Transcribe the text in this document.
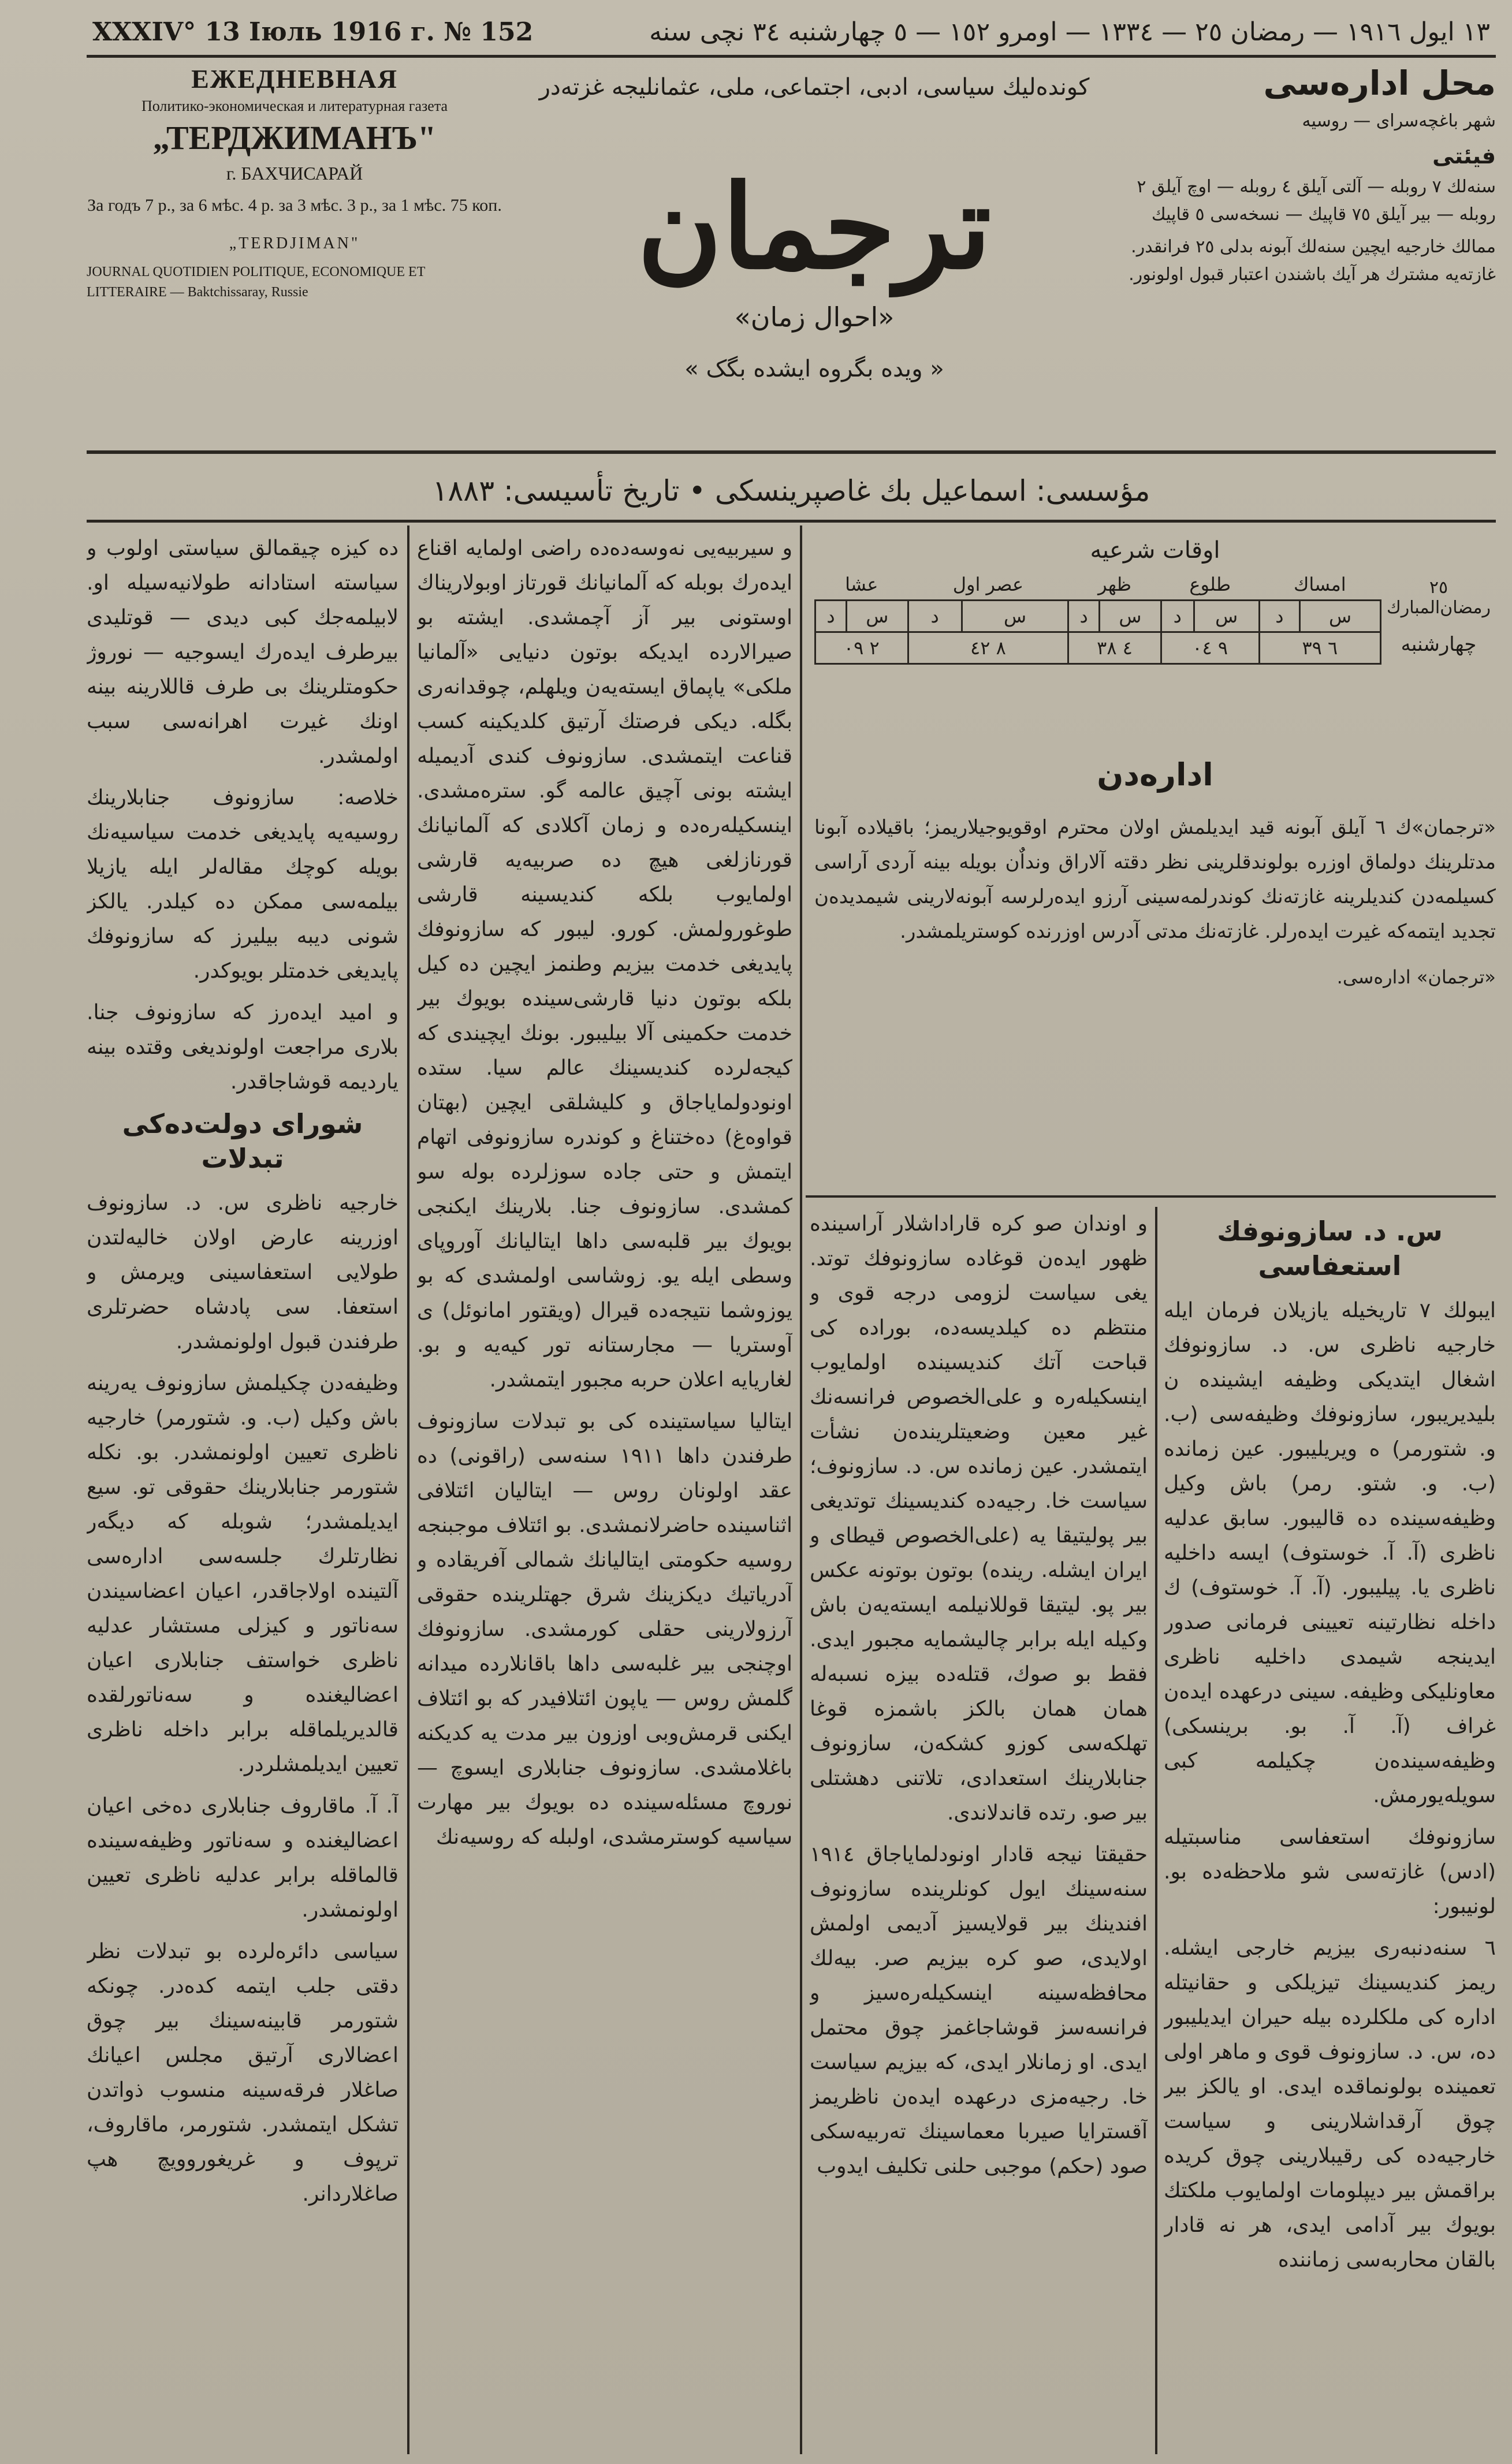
XXXIV° 13 Іюль 1916 г. № 152	١٣ ايول ١٩١٦ — رمضان ٢٥ — ١٣٣٤ — اومرو ١٥٢ — ٥ چهارشنبه ٣٤ نچی سنه
ЕЖЕДНЕВНАЯ
Политико-экономическая и литературная газета
„ТЕРДЖИМАНЪ"
г. БАХЧИСАРАЙ
За годъ 7 р., за 6 мѣс. 4 р. за 3 мѣс. 3 р., за 1 мѣс. 75 коп.
„TERDJIMAN"
JOURNAL QUOTIDIEN POLITIQUE, ECONOMIQUE ET LITTERAIRE — Baktchissaray, Russie
كونده‌لیك سیاسی، ادبی، اجتماعی، ملی، عثمانلیجه غزته‌در
ترجمان
«احوال زمان»
« ویده بگروه ایشده بگک »
محل اداره‌سی
شهر باغچه‌سرای — روسیه
فیئتی
سنه‌لك ٧ روبله — آلتی آیلق ٤ روبله — اوچ آیلق ٢ روبله — بیر آیلق ٧٥ قاپیك — نسخه‌سی ٥ قاپیك
ممالك خارجیه ایچین سنه‌لك آبونه بدلی ٢٥ فرانقدر. غازته‌یه مشترك هر آیك باشندن اعتبار قبول اولونور.
مؤسسی: اسماعیل بك غاصپرینسكی • تاریخ تأسیسی: ١٨٨٣
اوقات شرعیه
٢٥ رمضان‌المبارك
چهارشنبه	امساك		طلوع		ظهر		عصر اول		عشا	
	س	د	س	د	س	د	س	د	س	د
	٦ ٣٩		٩ ٠٤		٤ ٣٨		٨ ٤٢		٢ ٠٩	
اداره‌دن

«ترجمان»ك ٦ آیلق آبونه قید ایدیلمش اولان محترم اوقویوجیلاریمز؛ باقیلاده آبونا مدتلرینك دولماق اوزره بولوندقلرینی نظر دقته آلاراق ونداٌن بویله بینه آردی آراسی كسیلمه‌دن كندیلرینه غازته‌نك كوندرلمه‌سینی آرزو ایده‌رلرسه آبونه‌لارینی شیمدیده‌ن تجدید ایتمه‌كه غیرت ایده‌رلر. غازته‌نك مدتی آدرس اوزرنده كوستریلمشدر.

«ترجمان» اداره‌سی.

ده كیزه چیقمالق سیاستی اولوب و سیاسته استادانه طولانیه‌سیله او. لابیلمه‌جك كبی دیدی — قوتلیدی بیرطرف ایده‌رك ایسوجیه — نوروژ حكومتلرینك بی طرف قاللارینه بینه اونك غیرت اهرانه‌سی سبب اولمشدر.

خلاصه: سازونوف جنابلارینك روسیه‌یه پایدیغی خدمت سیاسیه‌نك بویله كوچك مقاله‌لر ایله یازیلا بیلمه‌سی ممكن ده كیلدر. یالكز شونی دیبه بیلیرز كه سازونوفك پایدیغی خدمتلر بویوكدر.

و امید ایده‌رز كه سازونوف جنا. بلاری مراجعت اولوندیغی وقتده بینه یاردیمه قوشاجاقدر.

شورای دولت‌ده‌كی تبدلات

خارجیه ناظری س. د. سازونوف اوزرینه عارض اولان خالیه‌لتدن طولایی استعفاسینی ویرمش و استعفا. سی پادشاه حضرتلری طرفندن قبول اولونمشدر.

وظیفه‌دن چكیلمش سازونوف یه‌رینه باش وكیل (ب. و. شتورمر) خارجیه ناظری تعیین اولونمشدر. بو. نكله شتورمر جنابلارینك حقوقی تو. سیع ایدیلمشدر؛ شوبله كه دیگه‌ر نظارتلرك جلسه‌سی اداره‌سی آلتینده اولاجاقدر، اعیان اعضاسیندن سه‌ناتور و كیزلی مستشار عدلیه ناظری خواستف جنابلاری اعیان اعضالیغنده و سه‌ناتورلقده قالدیریلماقله برابر داخله ناظری تعیین ایدیلمشلردر.

آ. آ. ماقاروف جنابلاری ده‌خی اعیان اعضالیغنده و سه‌ناتور وظیفه‌سینده قالماقله برابر عدلیه ناظری تعیین اولونمشدر.

سیاسی دائره‌لرده بو تبدلات نظر دقتی جلب ایتمه كده‌در. چونكه شتورمر قابینه‌سینك بیر چوق اعضالاری آرتیق مجلس اعیانك صاغلار فرقه‌سینه منسوب ذواتدن تشكل ایتمشدر. شتورمر، ماقاروف، ترپوف و غریغوروویچ هپ صاغلاردانر.

و سیربیه‌یی نه‌وسه‌ده‌ده راضی اولمایه اقناع ایده‌رك بوبله‌ كه آلمانیانك قورتاز اوبولاریناك اوستونی بیر آز آچمشدی. ایشته بو صیرالارده ایدیكه بوتون دنیایی «آلمانیا ملكی» یاپماق ایسته‌یه‌ن ویلهلم، چوقدانه‌ری بگله. دیكی فرصتك آرتیق كلدیكینه كسب قناعت ایتمشدی. سازونوف كندی آدیمیله ایشته بونی آچیق عالمه گو. ستره‌مشدی. اینسكیله‌ره‌ده و زمان آكلادی كه آلمانیانك قورنازلغی هیچ ده صربیه‌یه قارشی اولمایوب بلكه كندیسینه قارشی طوغورولمش. كورو. لیبور كه سازونوفك پایدیغی خدمت بیزیم وطنمز ایچین ده كیل بلكه بوتون دنیا قارشی‌سینده بویوك بیر خدمت حكمینی آلا بیلیبور. بونك ایچیندی كه كیجه‌لرده كندیسینك عالم سیا. ستده اونودولمایاجاق و كلیشلقی ایچین (بهتان قواوه‌غ) ده‌ختناغ و كوندره سازونوفی اتهام ایتمش و حتی جاده سوزلرده‌ بوله سو كمشدی. سازونوف جنا. بلارینك ایكنجی بویوك بیر قلبه‌سی داها ایتالیانك آوروپای وسطی ایله یو. زوشاسی اولمشدی كه بو یوزوشما نتیجه‌ده قیرال (ویقتور امانوئل) ی آوستریا — مجارستانه تور كیه‌یه و بو. لغاریایه اعلان حربه مجبور ایتمشدر.

ایتالیا سیاستینده كی بو تبدلات سازونوف طرفندن داها ١٩١١ سنه‌سی (راقونی) ده عقد اولونان روس — ایتالیان ائتلافی اثناسینده حاضرلانمشدی. بو ائتلاف موجبنجه روسیه حكومتی ایتالیانك شمالی آفریقاده و آدریاتیك دیكزینك شرق جهتلرینده حقوقی آرزولارینی حقلی كورمشدی. سازونوفك اوچنجی بیر غلبه‌سی داها باقانلارده میدانه گلمش روس — یاپون ائتلافیدر كه بو ائتلاف ایكنی قرمش‌وبی اوزون بیر مدت یه كدیكنه باغلامشدی. سازونوف جنابلاری ایسوچ — نوروچ مسئله‌سینده ده بویوك بیر مهارت سیاسیه كوسترمشدی، اولبله كه روسیه‌نك

و اوندان صو كره قاراداشلار آراسینده ظهور ایده‌ن قوغاده سازونوفك توتد. یغی سیاست لزومی درجه قوی و منتظم ده كیلدیسه‌ده، بوراده كی قباحت آتك كندیسینده اولمایوب اینسكیله‌ره و علی‌الخصوص فرانسه‌نك غیر معین وضعیتلرینده‌ن نشأت ایتمشدر. عین زمانده س. د. سازونوف؛ سیاست خا. رجیه‌ده كندیسینك توتدیغی بیر پولیتیقا یه (علی‌الخصوص قیطای و ایران ایشله. رینده) بوتون بوتونه عكس بیر پو. لیتیقا قوللانیلمه ایسته‌یه‌ن باش وكیله ایله برابر چالیشمایه مجبور ایدی. فقط بو صوك، قتله‌ده بیزه نسبه‌له همان همان بالكز باشمزه قوغا تهلكه‌سی كوزو كشكه‌ن، سازونوف جنابلارینك استعدادی، تلاتنی دهشتلی بیر صو. رتده قاندلاندی.

حقیقتا نیجه قادار اونودلمایاجاق ١٩١٤ سنه‌سینك ایول كونلرینده سازونوف افندینك بیر قولایسیز آدیمی اولمش اولایدی، صو كره بیزیم صر. بیه‌لك محافظه‌سینه اینسكیله‌ره‌سیز و فرانسه‌سز قوشاجاغمز چوق محتمل ایدی. او زمانلار ایدی، كه بیزیم سیاست خا. رجیه‌مزی درعهده ایده‌ن ناظریمز آقسترایا صیربا معماسینك ته‌ربیه‌سكی صود (حكم) موجبی حلنی تكلیف ایدوب

س. د. سازونوفك استعفاسی

ایبولك ٧ تاریخیله یازیلان فرمان ایله خارجیه ناظری س. د. سازونوفك اشغال ایتدیكی وظیفه ایشینده ن بلیدیریبور، سازونوفك وظیفه‌سی (ب. و. شتورمر) ه ویریلیبور. عین زمانده (ب. و. شتو. رمر) باش وكیل وظیفه‌سینده ده قالیبور. سابق عدلیه ناظری (آ. آ. خوستوف) ایسه داخلیه ناظری یا. پیلیبور. (آ. آ. خوستوف) ك داخله نظارتینه تعیینی فرمانی صدور ایدینجه شیمدی داخلیه ناظری معاونلیكی وظیفه. سینی درعهده ایده‌ن غراف (آ. آ. بو. برینسكی) وظیفه‌سینده‌ن چكیلمه كبی سویله‌یورمش.

سازونوفك استعفاسی مناسبتیله (ادس) غازته‌سی شو ملاحظه‌ده بو. لونیبور:

٦ سنه‌دنبه‌ری بیزیم خارجی ایشله. ریمز كندیسینك تیزیلكی و حقانیتله اداره كی ملكلرده بیله حیران ایدیلیبور ده، س. د. سازونوف قوی و ماهر اولی تعمینده بولونماقده ایدی. او یالكز بیر چوق آرقداشلارینی و سیاست خارجیه‌ده كی رقیبلارینی چوق كریده براقمش بیر دیپلومات اولمایوب ملكتك بویوك بیر آدامی ایدی، هر نه قادار بالقان محاربه‌سی زماننده
